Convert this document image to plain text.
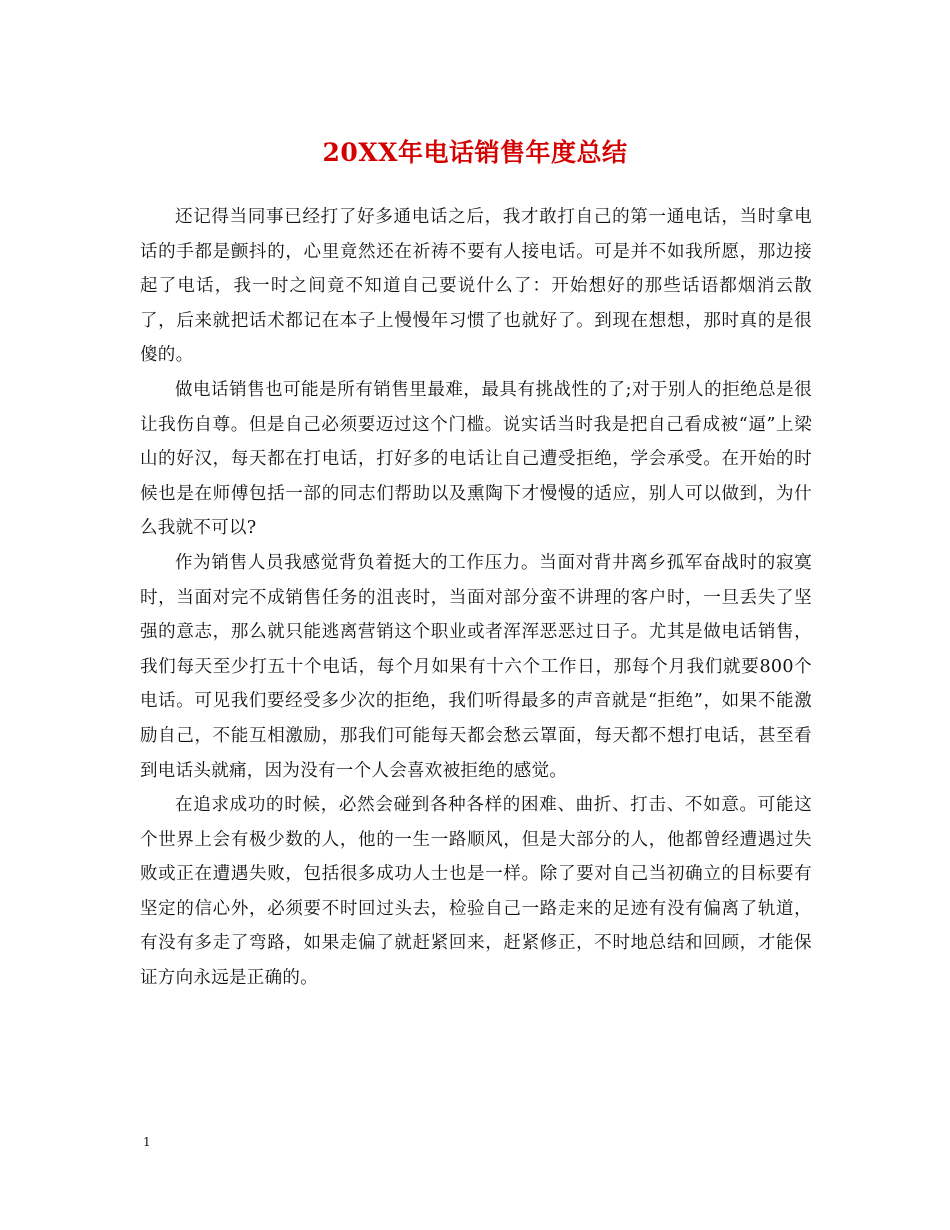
20XX年电话销售年度总结

还记得当同事已经打了好多通电话之后，我才敢打自己的第一通电话，当时拿电话的手都是颤抖的，心里竟然还在祈祷不要有人接电话。可是并不如我所愿，那边接起了电话，我一时之间竟不知道自己要说什么了：开始想好的那些话语都烟消云散了，后来就把话术都记在本子上慢慢年习惯了也就好了。到现在想想，那时真的是很傻的。

做电话销售也可能是所有销售里最难，最具有挑战性的了;对于别人的拒绝总是很让我伤自尊。但是自己必须要迈过这个门槛。说实话当时我是把自己看成被“逼”上梁山的好汉，每天都在打电话，打好多的电话让自己遭受拒绝，学会承受。在开始的时候也是在师傅包括一部的同志们帮助以及熏陶下才慢慢的适应，别人可以做到，为什么我就不可以?

作为销售人员我感觉背负着挺大的工作压力。当面对背井离乡孤军奋战时的寂寞时，当面对完不成销售任务的沮丧时，当面对部分蛮不讲理的客户时，一旦丢失了坚强的意志，那么就只能逃离营销这个职业或者浑浑恶恶过日子。尤其是做电话销售，我们每天至少打五十个电话，每个月如果有十六个工作日，那每个月我们就要800个电话。可见我们要经受多少次的拒绝，我们听得最多的声音就是“拒绝”，如果不能激励自己，不能互相激励，那我们可能每天都会愁云罩面，每天都不想打电话，甚至看到电话头就痛，因为没有一个人会喜欢被拒绝的感觉。

在追求成功的时候，必然会碰到各种各样的困难、曲折、打击、不如意。可能这个世界上会有极少数的人，他的一生一路顺风，但是大部分的人，他都曾经遭遇过失败或正在遭遇失败，包括很多成功人士也是一样。除了要对自己当初确立的目标要有坚定的信心外，必须要不时回过头去，检验自己一路走来的足迹有没有偏离了轨道，有没有多走了弯路，如果走偏了就赶紧回来，赶紧修正，不时地总结和回顾，才能保证方向永远是正确的。

1
